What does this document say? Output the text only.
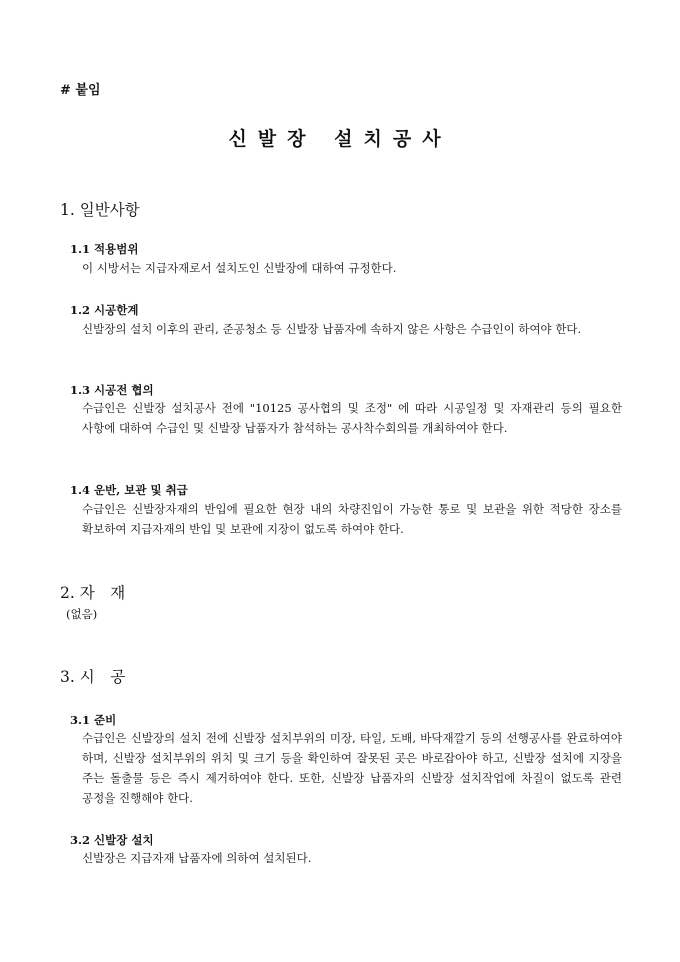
# 붙임
신발장 설치공사
1. 일반사항
1.1 적용범위
이 시방서는 지급자재로서 설치도인 신발장에 대하여 규정한다.
1.2 시공한계
신발장의 설치 이후의 관리, 준공청소 등 신발장 납품자에 속하지 않은 사항은 수급인이 하여야 한다.
1.3 시공전 협의
수급인은 신발장 설치공사 전에 "10125 공사협의 및 조정" 에 따라 시공일정 및 자재관리 등의 필요한 사항에 대하여 수급인 및 신발장 납품자가 참석하는 공사착수회의를 개최하여야 한다.
1.4 운반, 보관 및 취급
수급인은 신발장자재의 반입에 필요한 현장 내의 차량진입이 가능한 통로 및 보관을 위한 적당한 장소를 확보하여 지급자재의 반입 및 보관에 지장이 없도록 하여야 한다.
2. 자　재
(없음)
3. 시　공
3.1 준비
수급인은 신발장의 설치 전에 신발장 설치부위의 미장, 타일, 도배, 바닥재깔기 등의 선행공사를 완료하여야 하며, 신발장 설치부위의 위치 및 크기 등을 확인하여 잘못된 곳은 바로잡아야 하고, 신발장 설치에 지장을 주는 돌출물 등은 즉시 제거하여야 한다. 또한, 신발장 납품자의 신발장 설치작업에 차질이 없도록 관련 공정을 진행해야 한다.
3.2 신발장 설치
신발장은 지급자재 납품자에 의하여 설치된다.
